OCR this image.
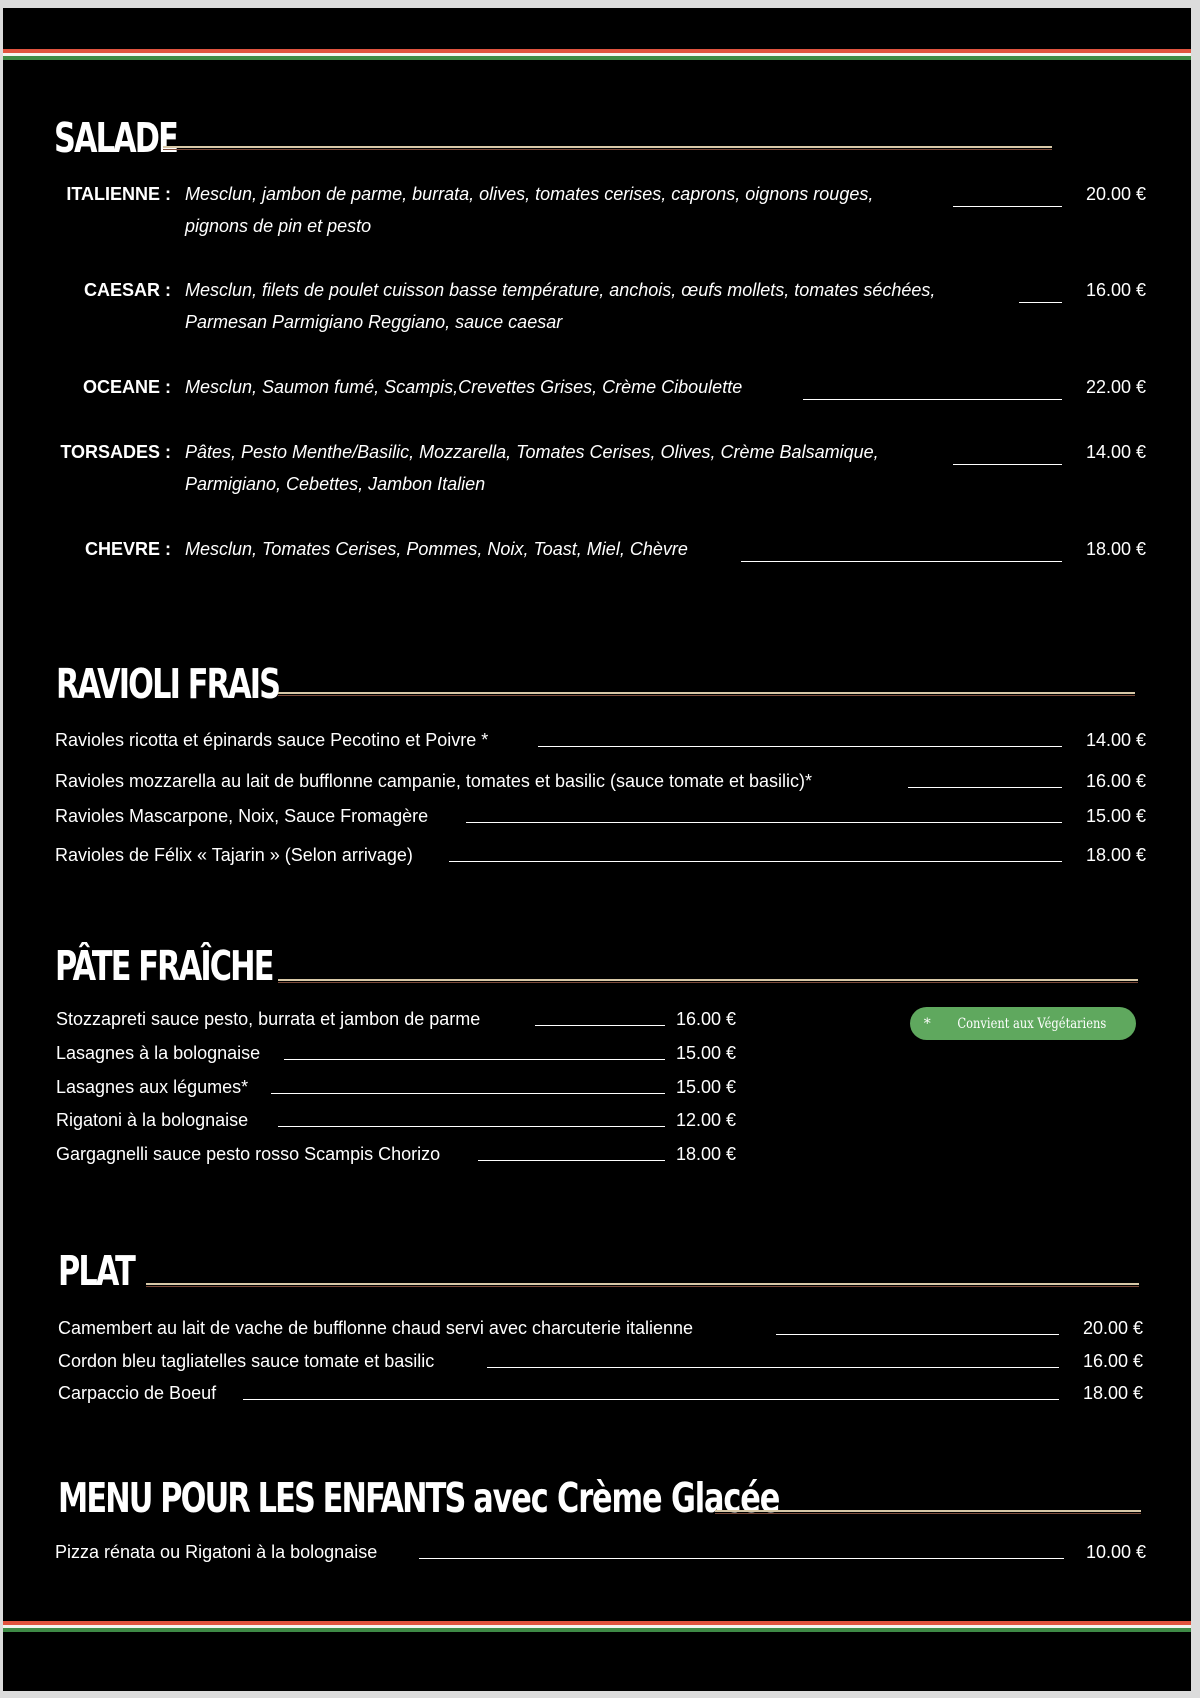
SALADE
ITALIENNE : Mesclun, jambon de parme, burrata, olives, tomates cerises, caprons, oignons rouges,
pignons de pin et pesto
20.00 €
CAESAR : Mesclun, filets de poulet cuisson basse température, anchois, œufs mollets, tomates séchées,
Parmesan Parmigiano Reggiano, sauce caesar
16.00 €
OCEANE : Mesclun, Saumon fumé, Scampis,Crevettes Grises, Crème Ciboulette	22.00 €
TORSADES : Pâtes, Pesto Menthe/Basilic, Mozzarella, Tomates Cerises, Olives, Crème Balsamique,
Parmigiano, Cebettes, Jambon Italien
14.00 €
CHEVRE : Mesclun, Tomates Cerises, Pommes, Noix, Toast, Miel, Chèvre	18.00 €
RAVIOLI FRAIS
Ravioles ricotta et épinards sauce Pecotino et Poivre *	14.00 €
Ravioles mozzarella au lait de bufflonne campanie, tomates et basilic (sauce tomate et basilic)*	16.00 €
Ravioles Mascarpone, Noix, Sauce Fromagère	15.00 €
Ravioles de Félix « Tajarin » (Selon arrivage)	18.00 €
PÂTE FRAÎCHE
Stozzapreti sauce pesto, burrata et jambon de parme	16.00 €
Lasagnes à la bolognaise	15.00 €
Lasagnes aux légumes*	15.00 €
Rigatoni à la bolognaise	12.00 €
Gargagnelli sauce pesto rosso Scampis Chorizo	18.00 €
* Convient aux Végétariens
PLAT
Camembert au lait de vache de bufflonne chaud servi avec charcuterie italienne	20.00 €
Cordon bleu tagliatelles sauce tomate et basilic	16.00 €
Carpaccio de Boeuf	18.00 €
MENU POUR LES ENFANTS avec Crème Glacée
Pizza rénata ou Rigatoni à la bolognaise	10.00 €
